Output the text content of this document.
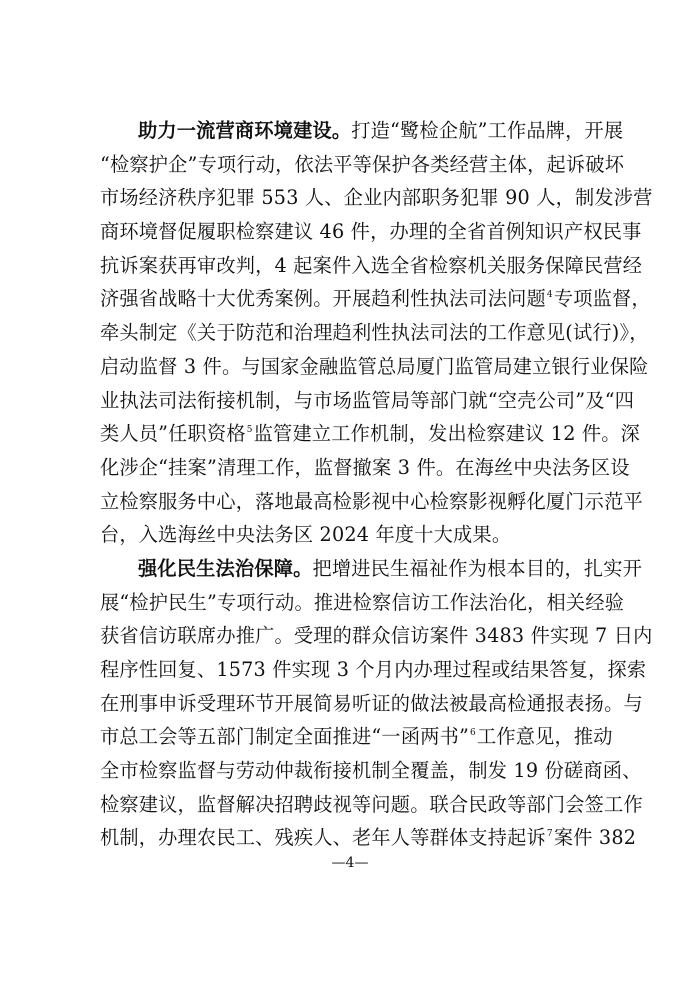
助力一流营商环境建设。打造“鹭检企航”工作品牌，开展
“检察护企”专项行动，依法平等保护各类经营主体，起诉破坏
市场经济秩序犯罪 553 人、企业内部职务犯罪 90 人，制发涉营
商环境督促履职检察建议 46 件，办理的全省首例知识产权民事
抗诉案获再审改判，4 起案件入选全省检察机关服务保障民营经
济强省战略十大优秀案例。开展趋利性执法司法问题$^4$专项监督，
牵头制定《关于防范和治理趋利性执法司法的工作意见(试行)》，
启动监督 3 件。与国家金融监管总局厦门监管局建立银行业保险
业执法司法衔接机制，与市场监管局等部门就“空壳公司”及“四
类人员”任职资格$^5$监管建立工作机制，发出检察建议 12 件。深
化涉企“挂案”清理工作，监督撤案 3 件。在海丝中央法务区设
立检察服务中心，落地最高检影视中心检察影视孵化厦门示范平
台，入选海丝中央法务区 2024 年度十大成果。
强化民生法治保障。把增进民生福祉作为根本目的，扎实开
展“检护民生”专项行动。推进检察信访工作法治化，相关经验
获省信访联席办推广。受理的群众信访案件 3483 件实现 7 日内
程序性回复、1573 件实现 3 个月内办理过程或结果答复，探索
在刑事申诉受理环节开展简易听证的做法被最高检通报表扬。与
市总工会等五部门制定全面推进“一函两书”$^6$工作意见，推动
全市检察监督与劳动仲裁衔接机制全覆盖，制发 19 份磋商函、
检察建议，监督解决招聘歧视等问题。联合民政等部门会签工作
机制，办理农民工、残疾人、老年人等群体支持起诉$^7$案件 382
—4—
